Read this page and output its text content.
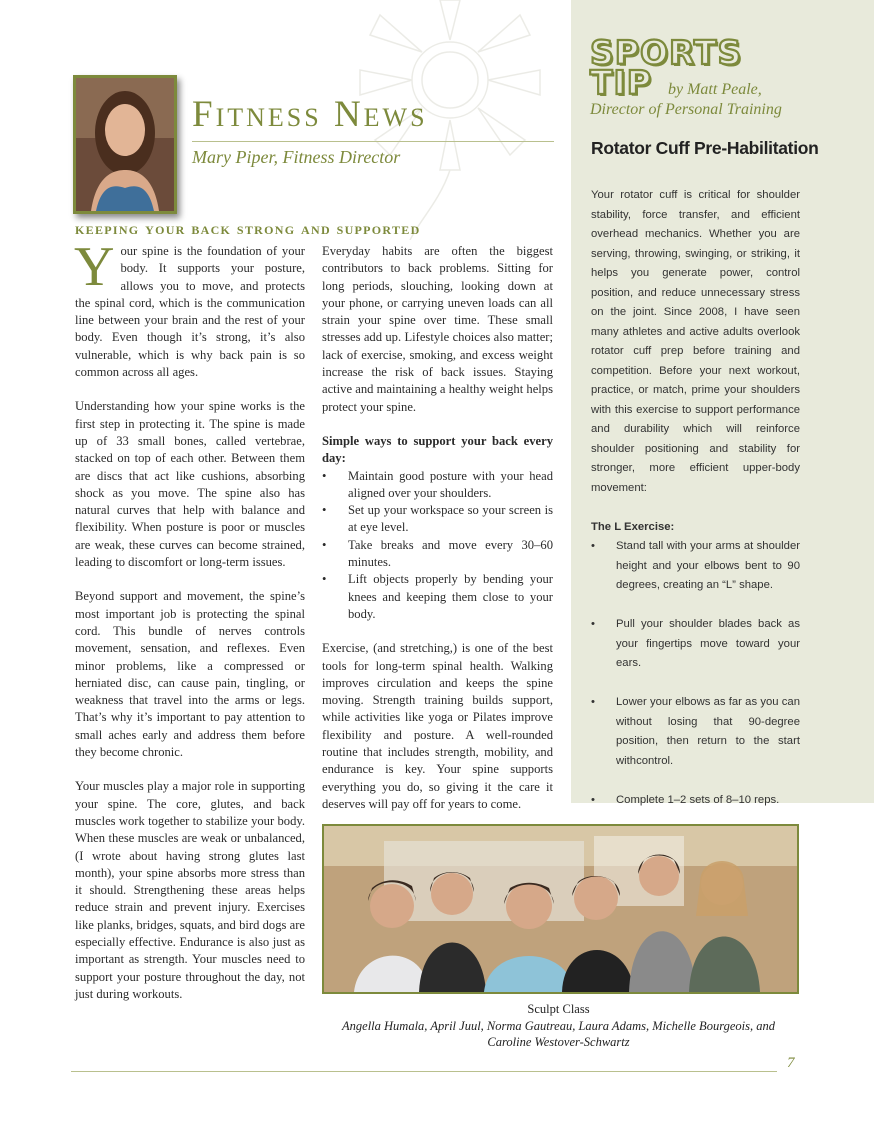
Fitness News
Mary Piper, Fitness Director
keeping your back strong and supported

Your spine is the foundation of your body. It supports your posture, allows you to move, and protects the spinal cord, which is the communication line between your brain and the rest of your body. Even though it’s strong, it’s also vulnerable, which is why back pain is so common across all ages.

Understanding how your spine works is the first step in protecting it. The spine is made up of 33 small bones, called vertebrae, stacked on top of each other. Between them are discs that act like cushions, absorbing shock as you move. The spine also has natural curves that help with balance and flexibility. When posture is poor or muscles are weak, these curves can become strained, leading to discomfort or long-term issues.

Beyond support and movement, the spine’s most important job is protecting the spinal cord. This bundle of nerves controls movement, sensation, and reflexes. Even minor problems, like a compressed or herniated disc, can cause pain, tingling, or weakness that travel into the arms or legs. That’s why it’s important to pay attention to small aches early and address them before they become chronic.

Your muscles play a major role in supporting your spine. The core, glutes, and back muscles work together to stabilize your body. When these muscles are weak or unbalanced, (I wrote about having strong glutes last month), your spine absorbs more stress than it should. Strengthening these areas helps reduce strain and prevent injury. Exercises like planks, bridges, squats, and bird dogs are especially effective. Endurance is also just as important as strength. Your muscles need to support your posture throughout the day, not just during workouts.

Everyday habits are often the biggest contributors to back problems. Sitting for long periods, slouching, looking down at your phone, or carrying uneven loads can all strain your spine over time. These small stresses add up. Lifestyle choices also matter; lack of exercise, smoking, and excess weight increase the risk of back issues. Staying active and maintaining a healthy weight helps protect your spine.

Simple ways to support your back every day:

• Maintain good posture with your head aligned over your shoulders.
• Set up your workspace so your screen is at eye level.
• Take breaks and move every 30–60 minutes.
• Lift objects properly by bending your knees and keeping them close to your body.

Exercise, (and stretching,) is one of the best tools for long-term spinal health. Walking improves circulation and keeps the spine moving. Strength training builds support, while activities like yoga or Pilates improve flexibility and posture. A well-rounded routine that includes strength, mobility, and endurance is key. Your spine supports everything you do, so giving it the care it deserves will pay off for years to come.

SPORTS
TIP by Matt Peale,
Director of Personal Training
Rotator Cuff Pre-Habilitation

Your rotator cuff is critical for shoulder stability, force transfer, and efficient overhead mechanics. Whether you are serving, throwing, swinging, or striking, it helps you generate power, control position, and reduce unnecessary stress on the joint. Since 2008, I have seen many athletes and active adults overlook rotator cuff prep before training and competition. Before your next workout, practice, or match, prime your shoulders with this exercise to support performance and durability which will reinforce shoulder positioning and stability for stronger, more efficient upper-body movement:

The L Exercise:

• Stand tall with your arms at shoulder height and your elbows bent to 90 degrees, creating an “L” shape.
• Pull your shoulder blades back as your fingertips move toward your ears.
• Lower your elbows as far as you can without losing that 90-degree position, then return to the start withcontrol.
• Complete 1–2 sets of 8–10 reps.
Sculpt Class
Angella Humala, April Juul, Norma Gautreau, Laura Adams, Michelle Bourgeois, and Caroline Westover-Schwartz
7
